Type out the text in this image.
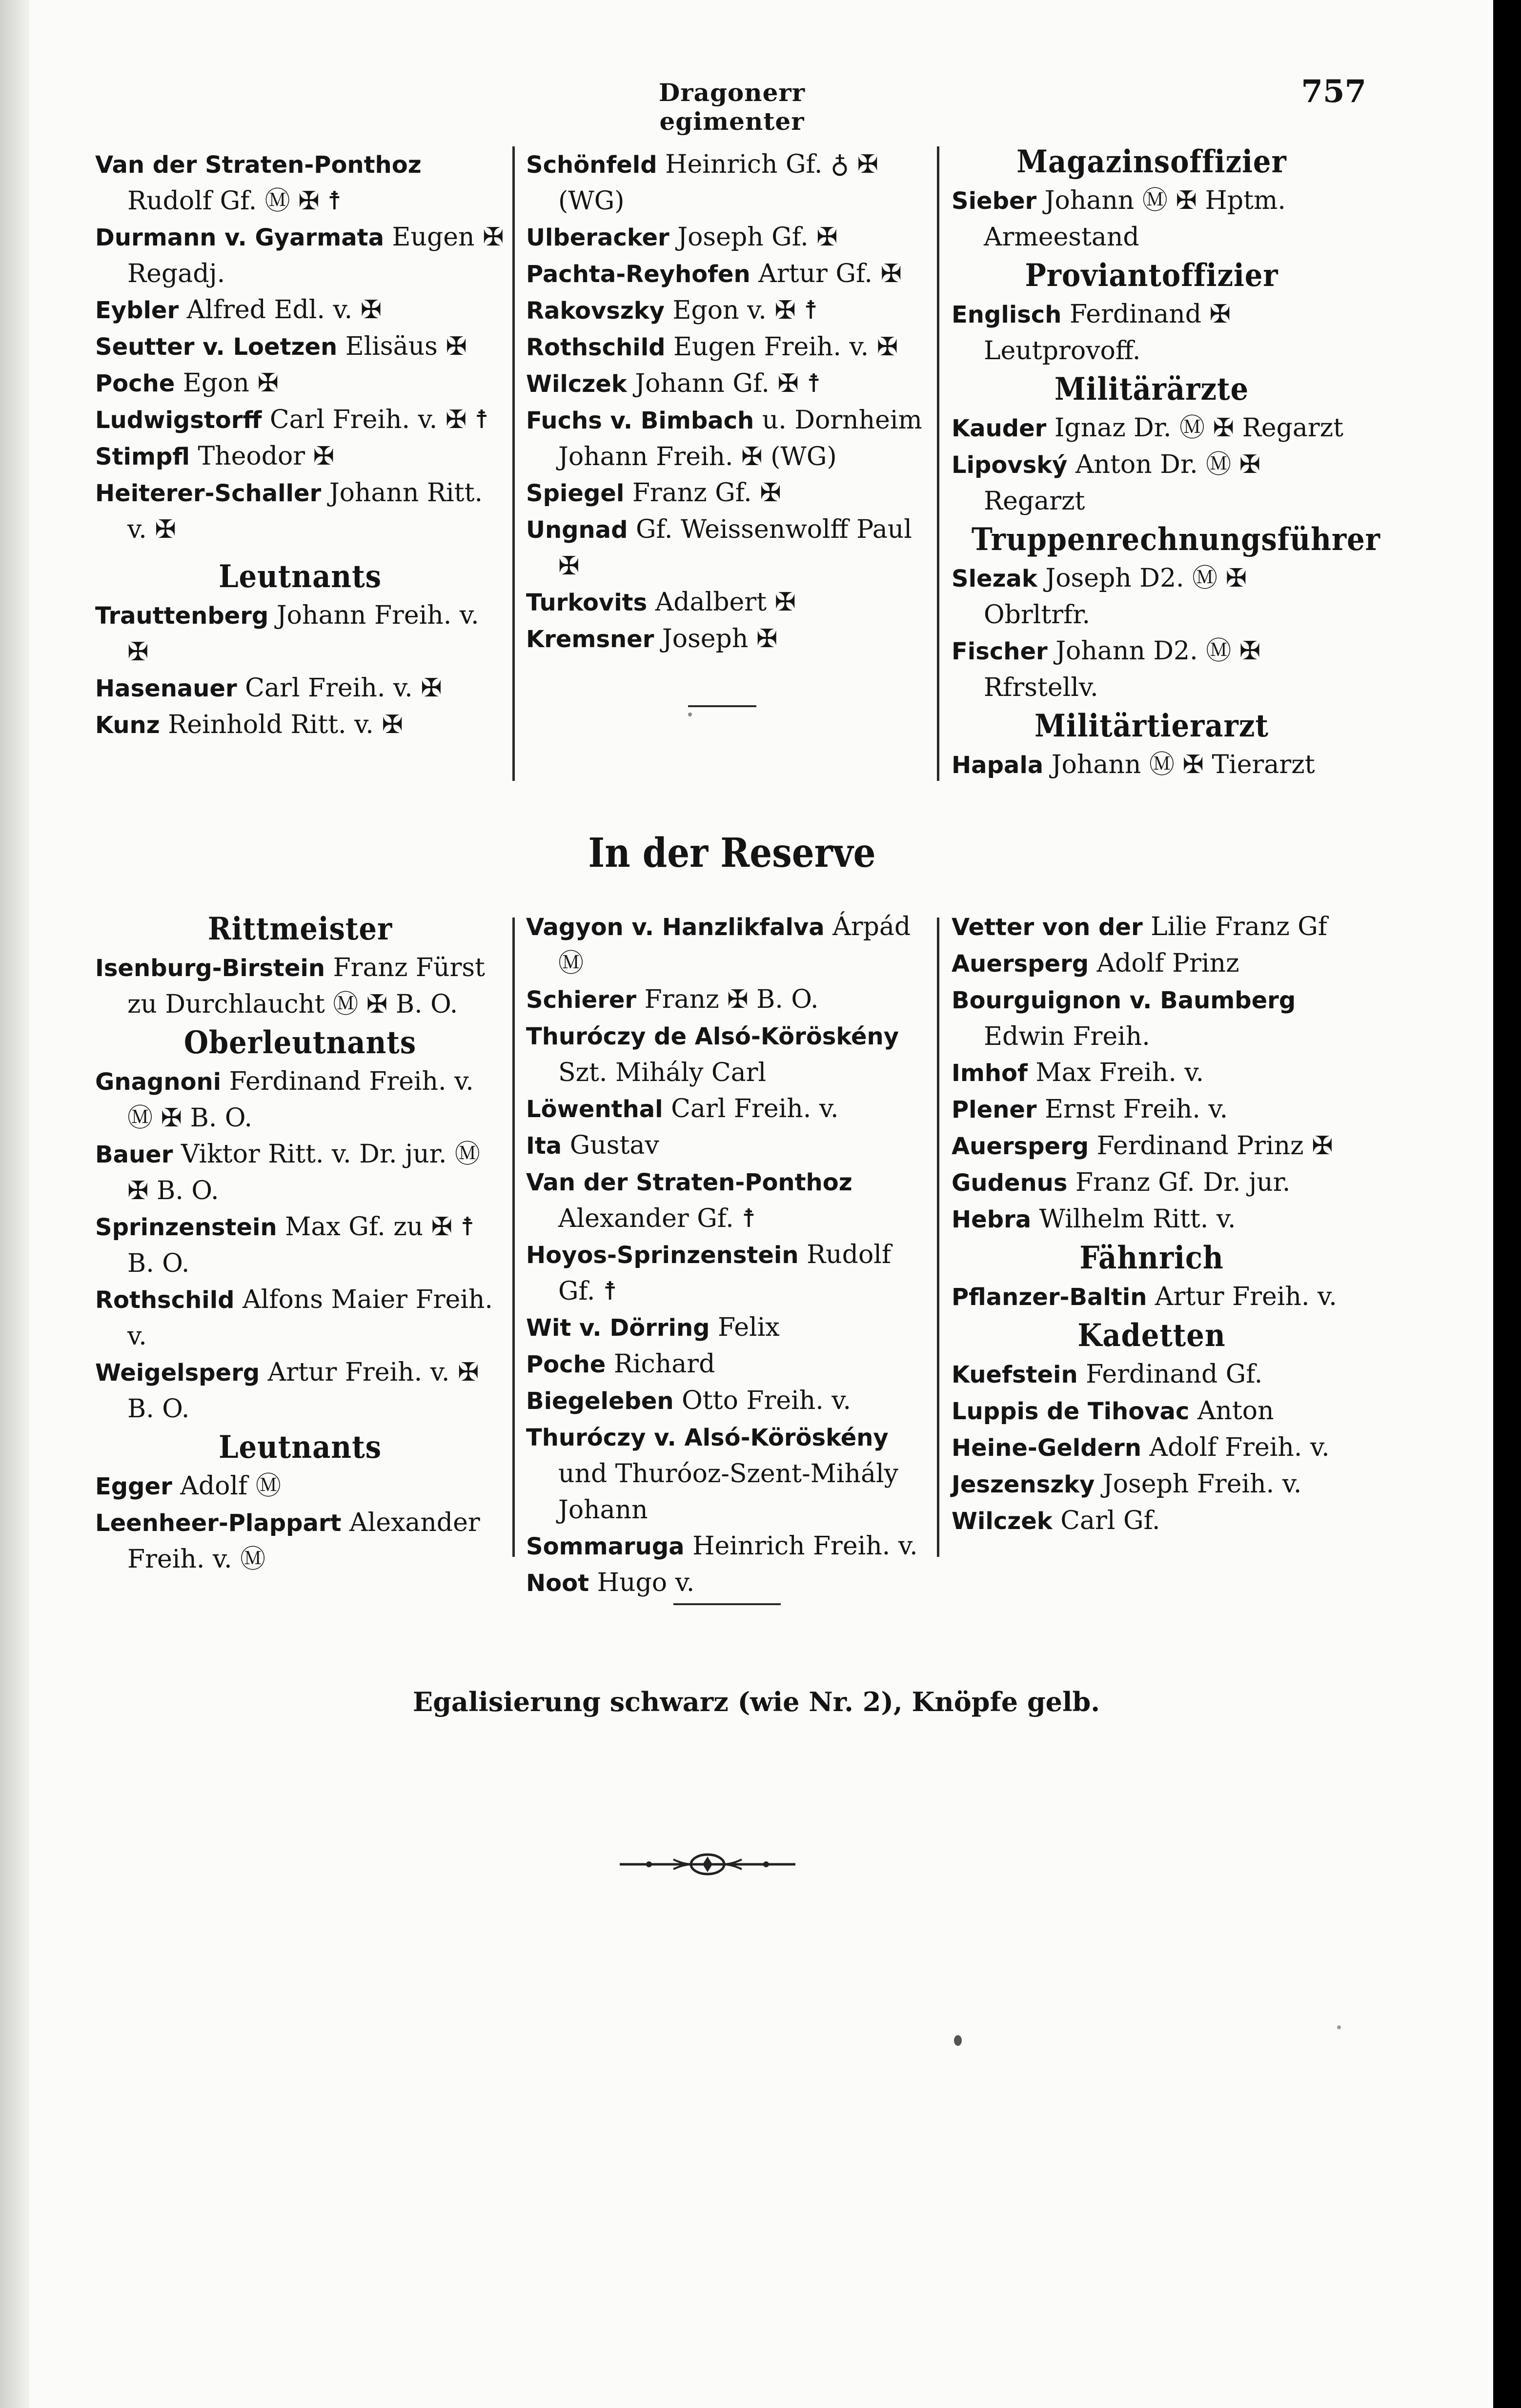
Dragonerr egimenter
757
Van der Straten-Ponthoz Rudolf Gf. Ⓜ ✠ ☨
Durmann v. Gyarmata Eugen ✠ Regadj.
Eybler Alfred Edl. v. ✠
Seutter v. Loetzen Elisäus ✠
Poche Egon ✠
Ludwigstorff Carl Freih. v. ✠ ☨
Stimpfl Theodor ✠
Heiterer-Schaller Johann Ritt. v. ✠
Leutnants
Trauttenberg Johann Freih. v. ✠
Hasenauer Carl Freih. v. ✠
Kunz Reinhold Ritt. v. ✠
Schönfeld Heinrich Gf. ♁ ✠ (WG)
Ulberacker Joseph Gf. ✠
Pachta-Reyhofen Artur Gf. ✠
Rakovszky Egon v. ✠ ☨
Rothschild Eugen Freih. v. ✠
Wilczek Johann Gf. ✠ ☨
Fuchs v. Bimbach u. Dornheim Johann Freih. ✠ (WG)
Spiegel Franz Gf. ✠
Ungnad Gf. Weissenwolff Paul ✠
Turkovits Adalbert ✠
Kremsner Joseph ✠
Magazinsoffizier
Sieber Johann Ⓜ ✠ Hptm. Armeestand
Proviantoffizier
Englisch Ferdinand ✠ Leutprovoff.
Militärärzte
Kauder Ignaz Dr. Ⓜ ✠ Regarzt
Lipovský Anton Dr. Ⓜ ✠ Regarzt
Truppenrechnungsführer
Slezak Joseph D2. Ⓜ ✠ Obrltrfr.
Fischer Johann D2. Ⓜ ✠ Rfrstellv.
Militärtierarzt
Hapala Johann Ⓜ ✠ Tierarzt
In der Reserve
Rittmeister
Isenburg-Birstein Franz Fürst zu Durchlaucht Ⓜ ✠ B. O.
Oberleutnants
Gnagnoni Ferdinand Freih. v. Ⓜ ✠ B. O.
Bauer Viktor Ritt. v. Dr. jur. Ⓜ ✠ B. O.
Sprinzenstein Max Gf. zu ✠ ☨ B. O.
Rothschild Alfons Maier Freih. v.
Weigelsperg Artur Freih. v. ✠ B. O.
Leutnants
Egger Adolf Ⓜ
Leenheer-Plappart Alexander Freih. v. Ⓜ
Vagyon v. Hanzlikfalva Árpád Ⓜ
Schierer Franz ✠ B. O.
Thuróczy de Alsó-Köröskény Szt. Mihály Carl
Löwenthal Carl Freih. v.
Ita Gustav
Van der Straten-Ponthoz Alexander Gf. ☨
Hoyos-Sprinzenstein Rudolf Gf. ☨
Wit v. Dörring Felix
Poche Richard
Biegeleben Otto Freih. v.
Thuróczy v. Alsó-Köröskény und Thuróoz-Szent-Mihály Johann
Sommaruga Heinrich Freih. v.
Noot Hugo v.
Vetter von der Lilie Franz Gf
Auersperg Adolf Prinz
Bourguignon v. Baumberg Edwin Freih.
Imhof Max Freih. v.
Plener Ernst Freih. v.
Auersperg Ferdinand Prinz ✠
Gudenus Franz Gf. Dr. jur.
Hebra Wilhelm Ritt. v.
Fähnrich
Pflanzer-Baltin Artur Freih. v.
Kadetten
Kuefstein Ferdinand Gf.
Luppis de Tihovac Anton
Heine-Geldern Adolf Freih. v.
Jeszenszky Joseph Freih. v.
Wilczek Carl Gf.
Egalisierung schwarz (wie Nr. 2), Knöpfe gelb.
